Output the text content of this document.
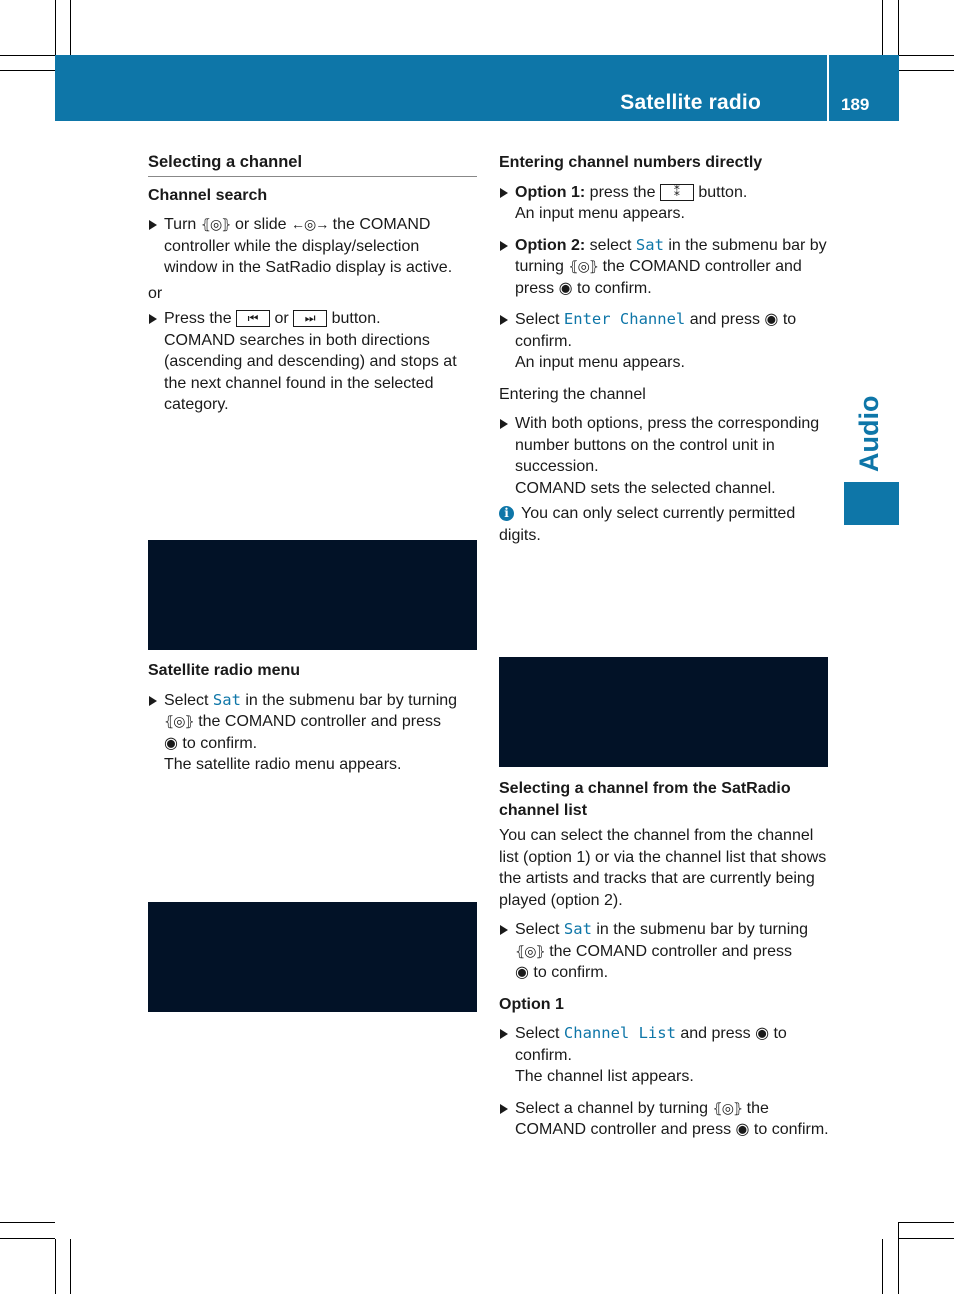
Satellite radio	189
Audio

Selecting a channel

Channel search

Turn ⦃◎⦄ or slide ←◎→ the COMAND controller while the display/selection window in the SatRadio display is active.

or

Press the ⏮ or ⏭ button.
COMAND searches in both directions (ascending and descending) and stops at the next channel found in the selected category.

Satellite radio menu

Select Sat in the submenu bar by turning
⦃◎⦄ the COMAND controller and press
◉ to confirm.
The satellite radio menu appears.

Entering channel numbers directly

Option 1: press the ⁑ button.
An input menu appears.

Option 2: select Sat in the submenu bar by turning ⦃◎⦄ the COMAND controller and press ◉ to confirm.

Select Enter Channel and press ◉ to confirm.
An input menu appears.

Entering the channel

With both options, press the corresponding number buttons on the control unit in succession.
COMAND sets the selected channel.

i You can only select currently permitted digits.

Selecting a channel from the SatRadio channel list

You can select the channel from the channel list (option 1) or via the channel list that shows the artists and tracks that are currently being played (option 2).

Select Sat in the submenu bar by turning
⦃◎⦄ the COMAND controller and press
◉ to confirm.

Option 1

Select Channel List and press ◉ to confirm.
The channel list appears.

Select a channel by turning ⦃◎⦄ the COMAND controller and press ◉ to confirm.
